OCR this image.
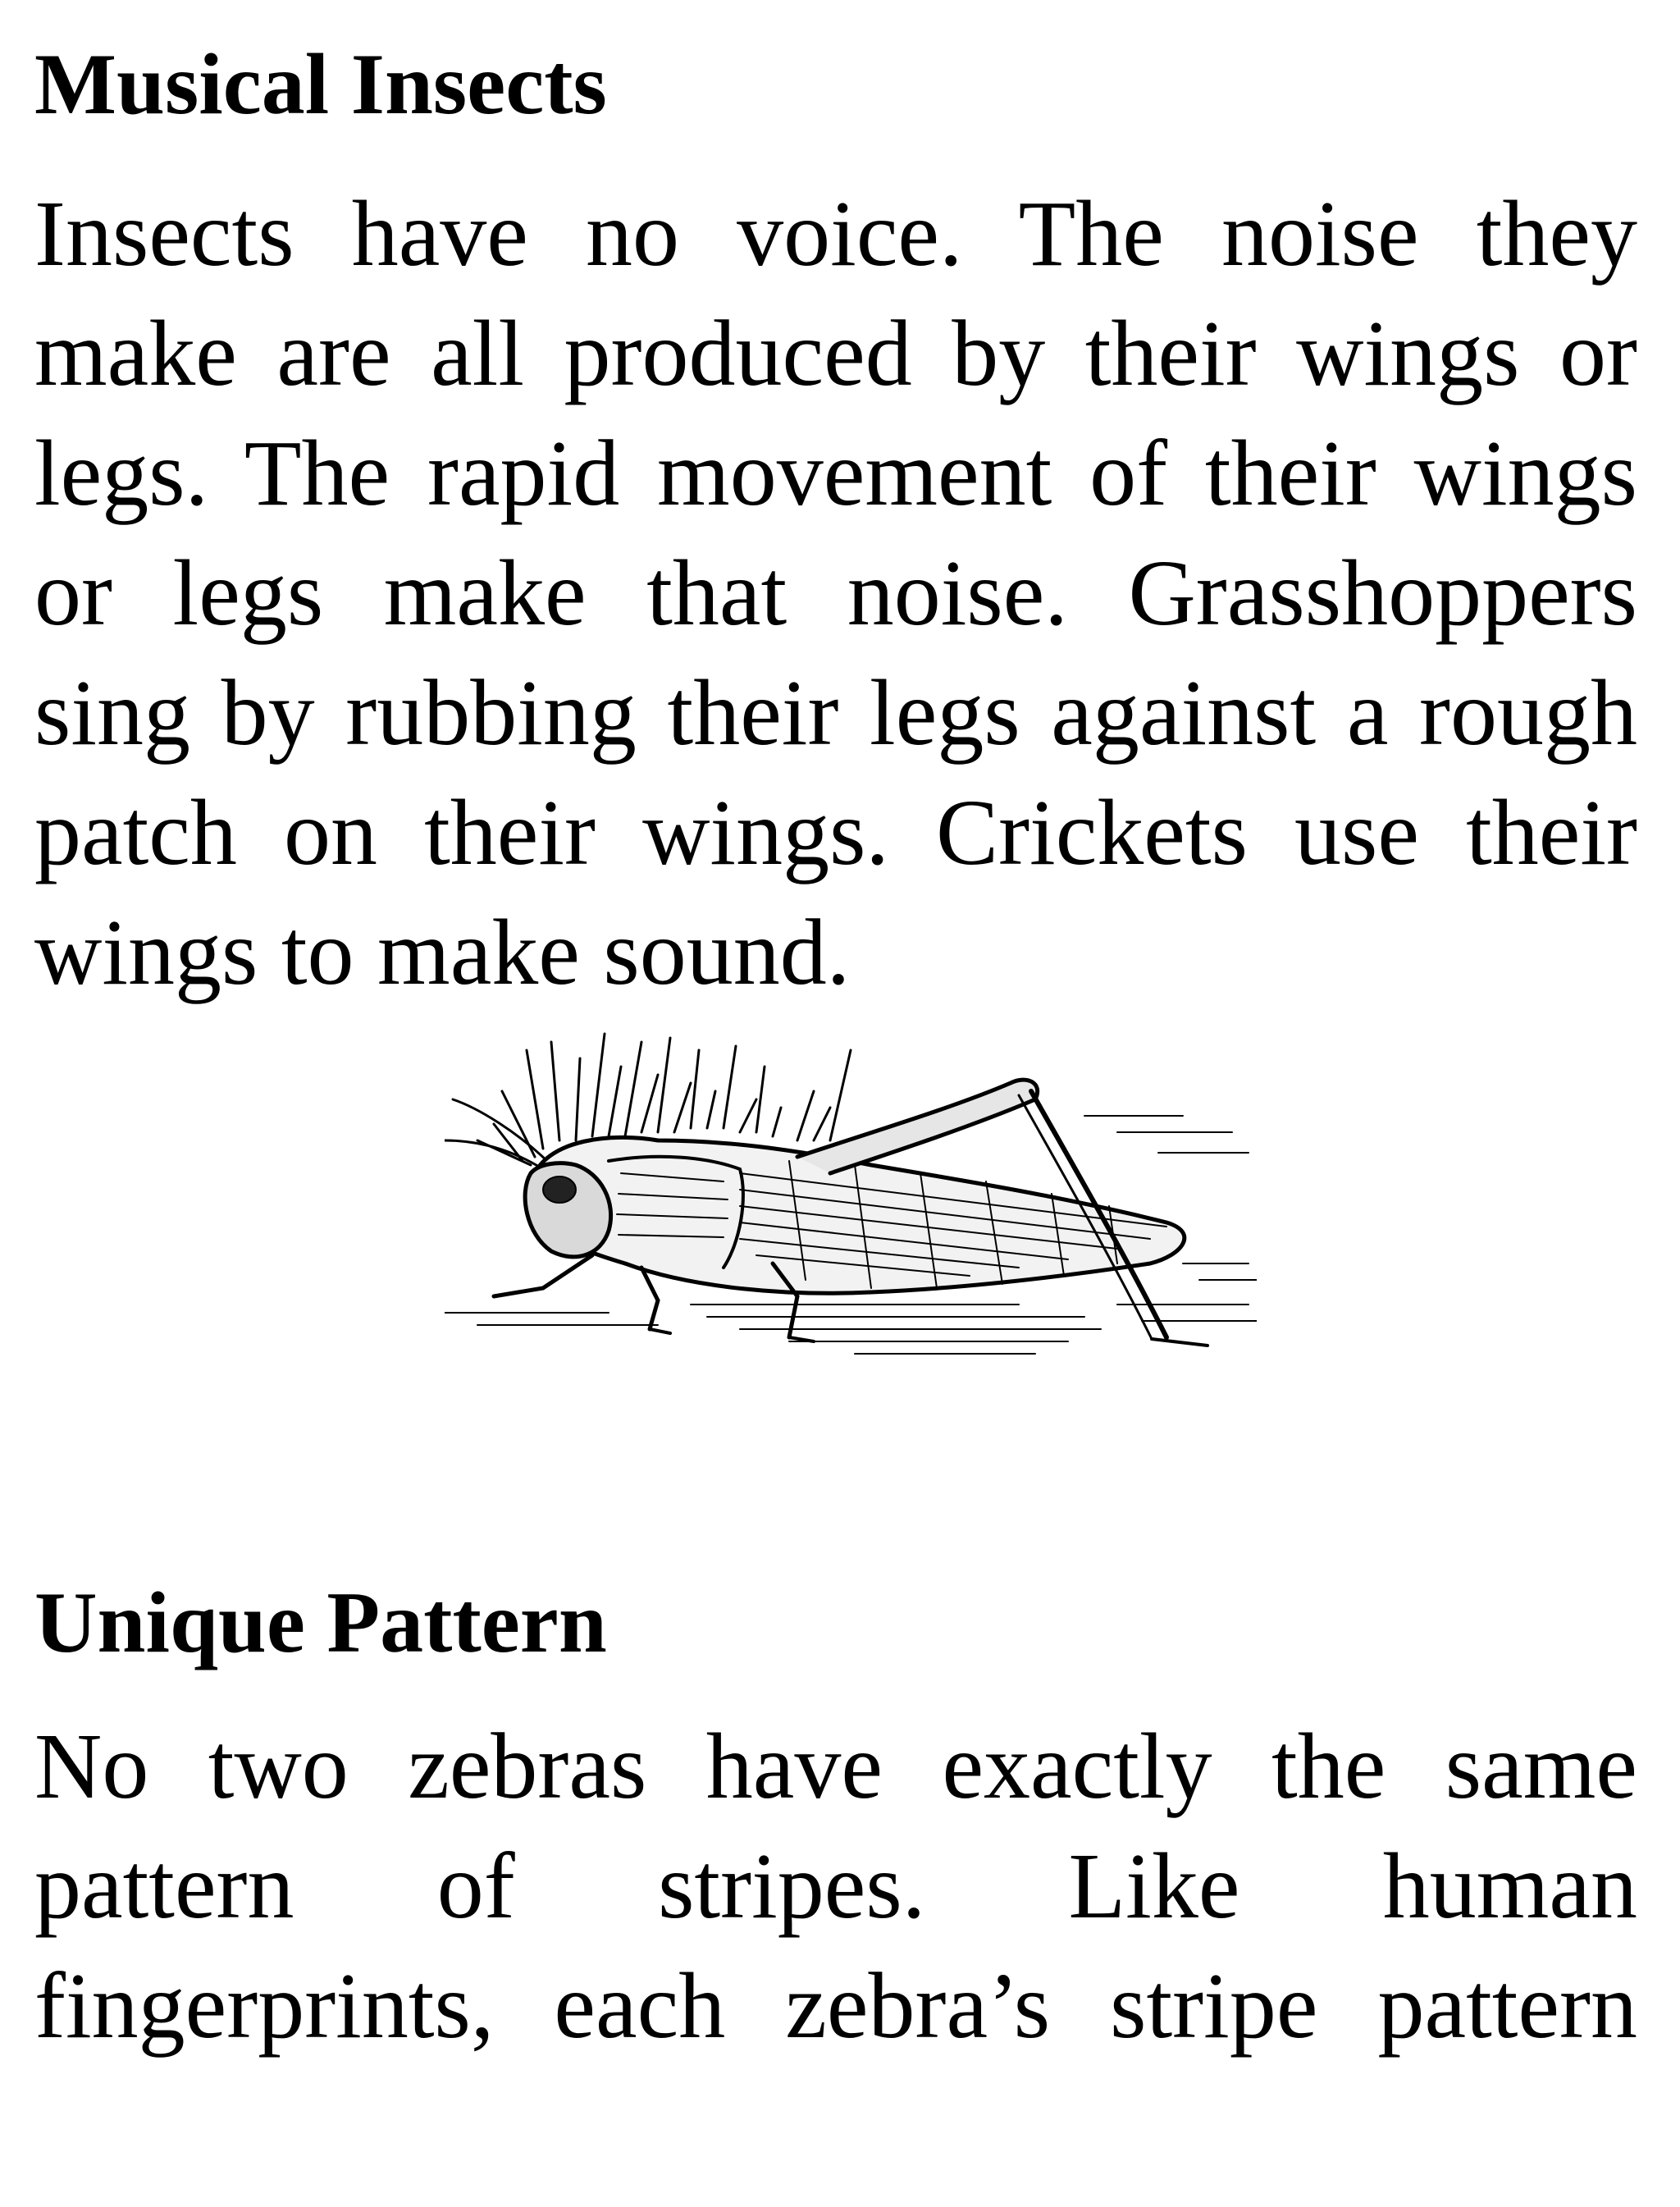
Musical Insects
Insects have no voice. The noise they
make are all produced by their wings or
legs. The rapid movement of their wings
or legs make that noise. Grasshoppers
sing by rubbing their legs against a rough
patch on their wings. Crickets use their
wings to make sound.
Unique Pattern
No two zebras have exactly the same
pattern of stripes. Like human
fingerprints, each zebra’s stripe pattern
